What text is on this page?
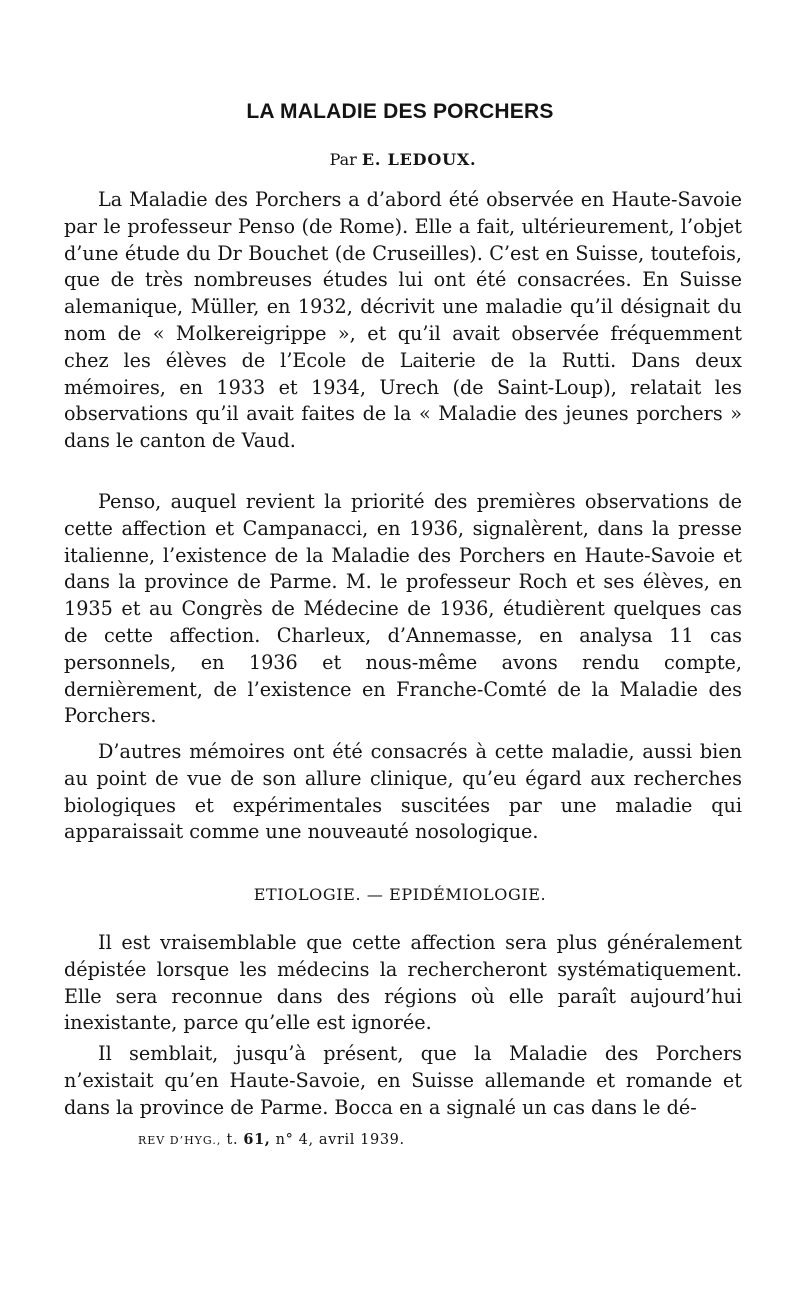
LA MALADIE DES PORCHERS
Par E. LEDOUX.

La Maladie des Porchers a d’abord été observée en Haute-Savoie par le professeur Penso (de Rome). Elle a fait, ultérieurement, l’objet d’une étude du Dr Bouchet (de Cruseilles). C’est en Suisse, toutefois, que de très nombreuses études lui ont été consacrées. En Suisse alemanique, Müller, en 1932, décrivit une maladie qu’il désignait du nom de « Molkereigrippe », et qu’il avait observée fréquemment chez les élèves de l’Ecole de Laiterie de la Rutti. Dans deux mémoires, en 1933 et 1934, Urech (de Saint-Loup), relatait les observations qu’il avait faites de la « Maladie des jeunes porchers » dans le canton de Vaud.

Penso, auquel revient la priorité des premières observations de cette affection et Campanacci, en 1936, signalèrent, dans la presse italienne, l’existence de la Maladie des Porchers en Haute-Savoie et dans la province de Parme. M. le professeur Roch et ses élèves, en 1935 et au Congrès de Médecine de 1936, étudièrent quelques cas de cette affection. Charleux, d’Annemasse, en analysa 11 cas personnels, en 1936 et nous-même avons rendu compte, dernièrement, de l’existence en Franche-Comté de la Maladie des Porchers.

D’autres mémoires ont été consacrés à cette maladie, aussi bien au point de vue de son allure clinique, qu’eu égard aux recherches biologiques et expérimentales suscitées par une maladie qui apparaissait comme une nouveauté nosologique.

ETIOLOGIE. — EPIDÉMIOLOGIE.

Il est vraisemblable que cette affection sera plus généralement dépistée lorsque les médecins la rechercheront systématiquement. Elle sera reconnue dans des régions où elle paraît aujourd’hui inexistante, parce qu’elle est ignorée.

Il semblait, jusqu’à présent, que la Maladie des Porchers n’existait qu’en Haute-Savoie, en Suisse allemande et romande et dans la province de Parme. Bocca en a signalé un cas dans le dé-

REV D’HYG., t. 61, n° 4, avril 1939.
